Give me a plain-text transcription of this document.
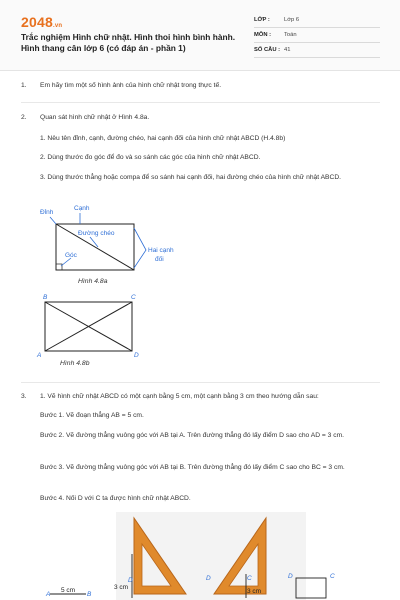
2048.vn
Trắc nghiệm Hình chữ nhật. Hình thoi hình bình hành. Hình thang cân lớp 6 (có đáp án - phần 1)
LỚP : Lớp 6
MÔN : Toán
SỐ CÂU : 41
1. Em hãy tìm một số hình ảnh của hình chữ nhật trong thực tế.
2. Quan sát hình chữ nhật ở Hình 4.8a.
1. Nêu tên đỉnh, cạnh, đường chéo, hai cạnh đối của hình chữ nhật ABCD (H.4.8b)
2. Dùng thước đo góc để đo và so sánh các góc của hình chữ nhật ABCD.
3. Dùng thước thẳng hoặc compa để so sánh hai cạnh đối, hai đường chéo của hình chữ nhật ABCD.
Đỉnh
Cạnh
Đường chéo
Góc
Hai cạnh
đối
Hình 4.8a
B	C
A	D
Hình 4.8b
3. 1. Vẽ hình chữ nhật ABCD có một cạnh bằng 5 cm, một cạnh bằng 3 cm theo hướng dẫn sau:
Bước 1. Vẽ đoạn thẳng AB = 5 cm.
Bước 2. Vẽ đường thẳng vuông góc với AB tại A. Trên đường thẳng đó lấy điểm D sao cho AD = 3 cm.
Bước 3. Vẽ đường thẳng vuông góc với AB tại B. Trên đường thẳng đó lấy điểm C sao cho BC = 3 cm.
Bước 4. Nối D với C ta được hình chữ nhật ABCD.
A	B
5 cm
D
3 cm
D	C
3 cm
D	C
